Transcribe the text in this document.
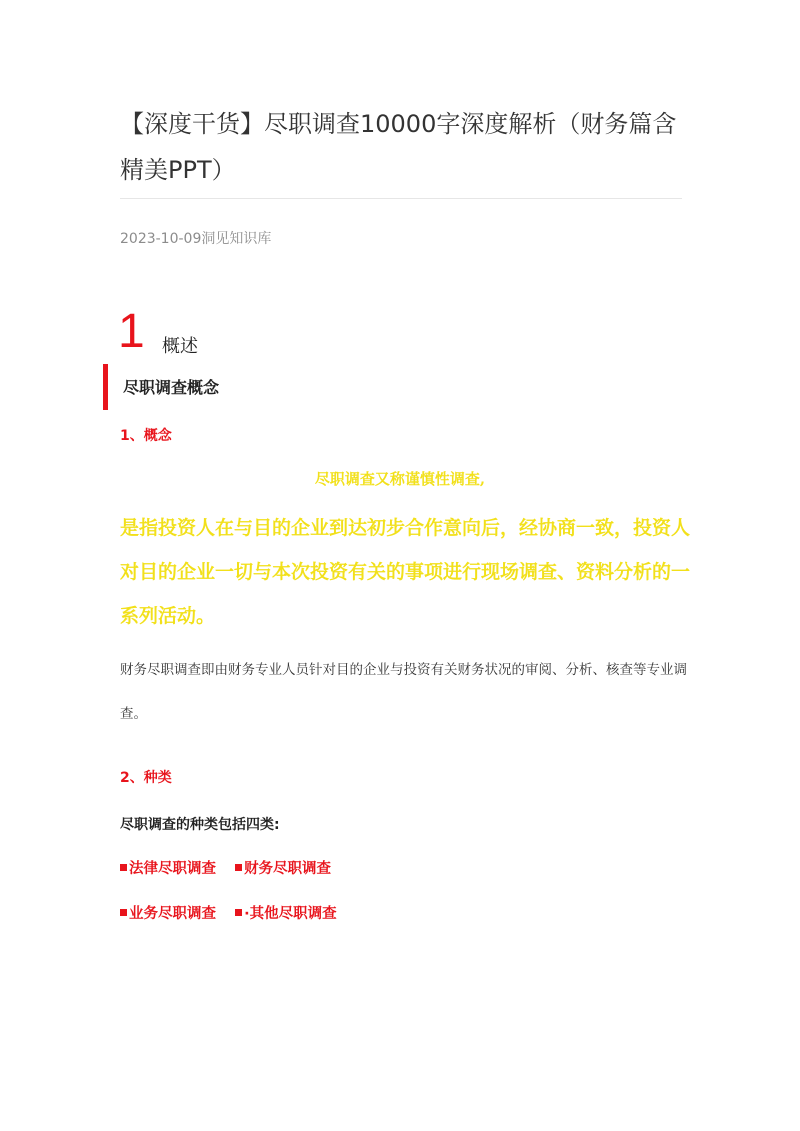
【深度干货】尽职调查10000字深度解析（财务篇含精美PPT）
2023-10-09洞见知识库
1 概述
尽职调查概念
1、概念
尽职调查又称谨慎性调查,
是指投资人在与目的企业到达初步合作意向后，经协商一致，投资人对目的企业一切与本次投资有关的事项进行现场调查、资料分析的一系列活动。
财务尽职调查即由财务专业人员针对目的企业与投资有关财务状况的审阅、分析、核查等专业调查。
2、种类
尽职调查的种类包括四类:
法律尽职调查 财务尽职调查
业务尽职调查 ·其他尽职调查
